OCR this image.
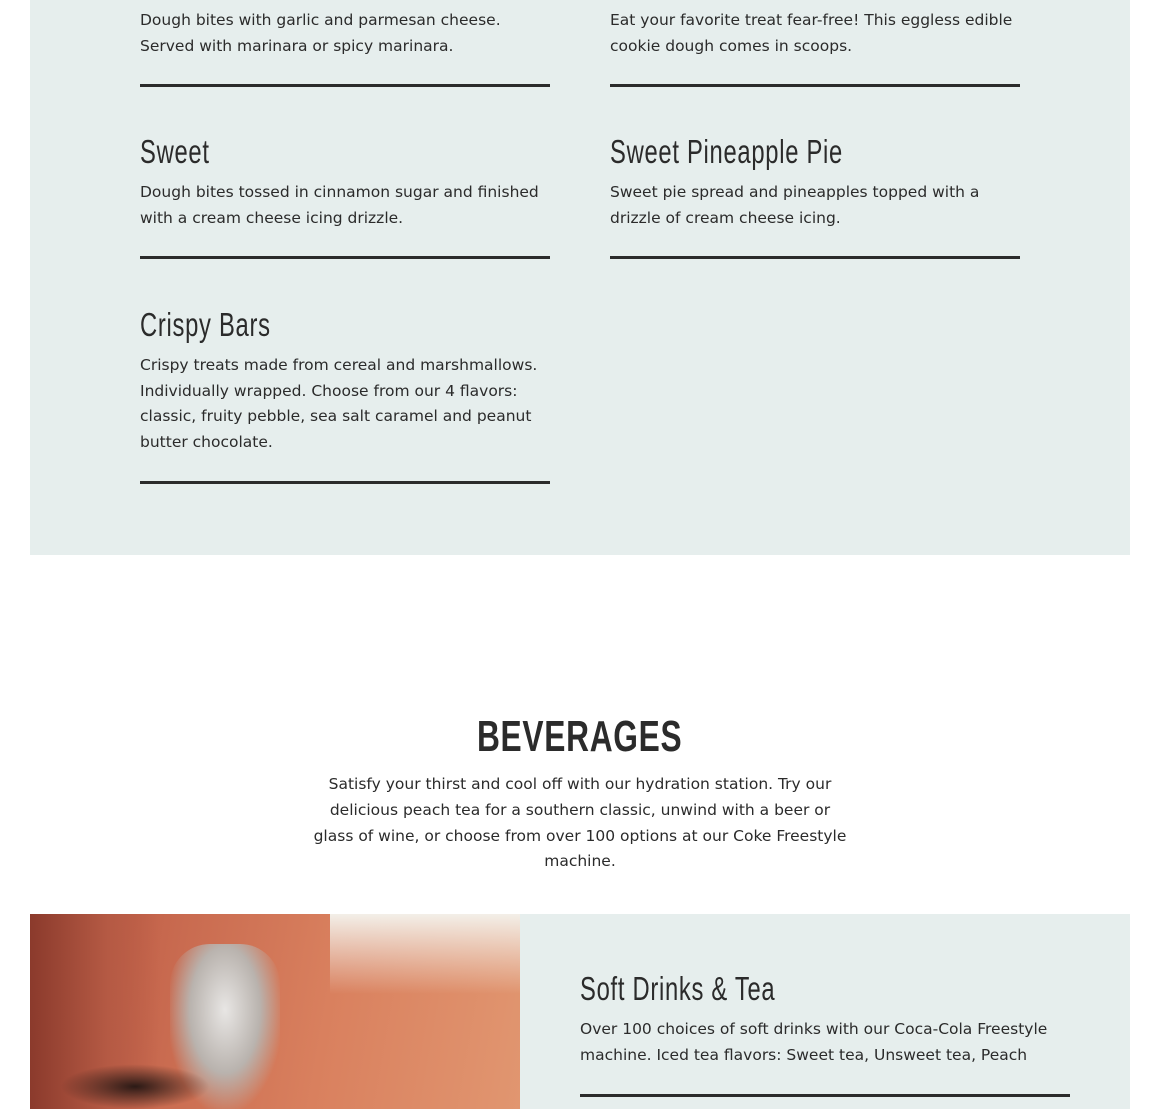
Dough bites with garlic and parmesan cheese. Served with marinara or spicy marinara.

Eat your favorite treat fear-free! This eggless edible cookie dough comes in scoops.

Sweet

Dough bites tossed in cinnamon sugar and finished with a cream cheese icing drizzle.

Sweet Pineapple Pie

Sweet pie spread and pineapples topped with a drizzle of cream cheese icing.

Crispy Bars

Crispy treats made from cereal and marshmallows. Individually wrapped. Choose from our 4 flavors: classic, fruity pebble, sea salt caramel and peanut butter chocolate.

BEVERAGES

Satisfy your thirst and cool off with our hydration station. Try our delicious peach tea for a southern classic, unwind with a beer or glass of wine, or choose from over 100 options at our Coke Freestyle machine.

Soft Drinks & Tea

Over 100 choices of soft drinks with our Coca-Cola Freestyle machine. Iced tea flavors: Sweet tea, Unsweet tea, Peach
